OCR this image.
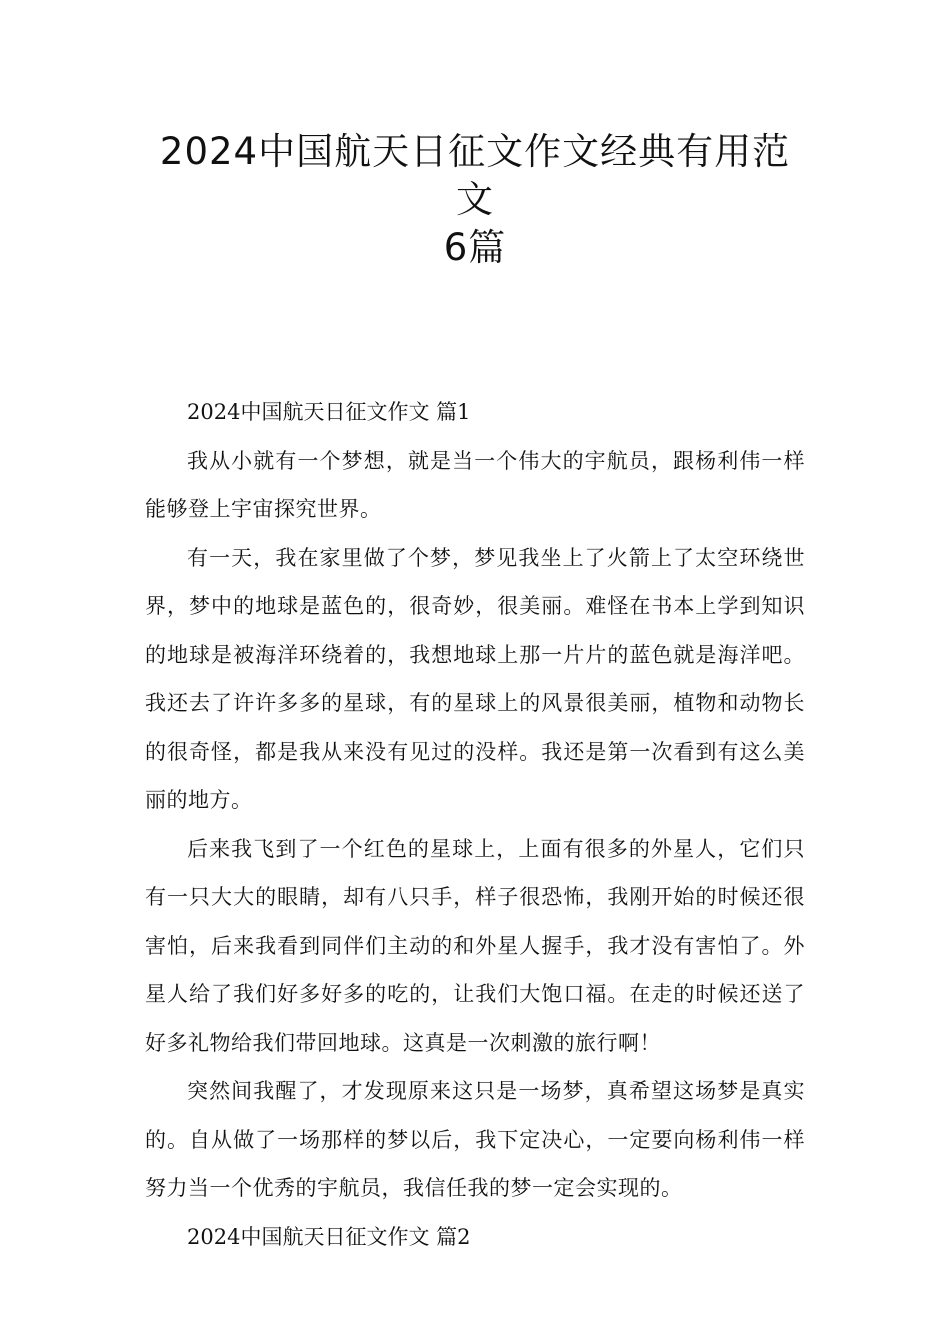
2024中国航天日征文作文经典有用范文
6篇

2024中国航天日征文作文 篇1

我从小就有一个梦想，就是当一个伟大的宇航员，跟杨利伟一样能够登上宇宙探究世界。

有一天，我在家里做了个梦，梦见我坐上了火箭上了太空环绕世界，梦中的地球是蓝色的，很奇妙，很美丽。难怪在书本上学到知识的地球是被海洋环绕着的，我想地球上那一片片的蓝色就是海洋吧。我还去了许许多多的星球，有的星球上的风景很美丽，植物和动物长的很奇怪，都是我从来没有见过的没样。我还是第一次看到有这么美丽的地方。

后来我飞到了一个红色的星球上，上面有很多的外星人，它们只有一只大大的眼睛，却有八只手，样子很恐怖，我刚开始的时候还很害怕，后来我看到同伴们主动的和外星人握手，我才没有害怕了。外星人给了我们好多好多的吃的，让我们大饱口福。在走的时候还送了好多礼物给我们带回地球。这真是一次刺激的旅行啊！

突然间我醒了，才发现原来这只是一场梦，真希望这场梦是真实的。自从做了一场那样的梦以后，我下定决心，一定要向杨利伟一样努力当一个优秀的宇航员，我信任我的梦一定会实现的。

2024中国航天日征文作文 篇2
